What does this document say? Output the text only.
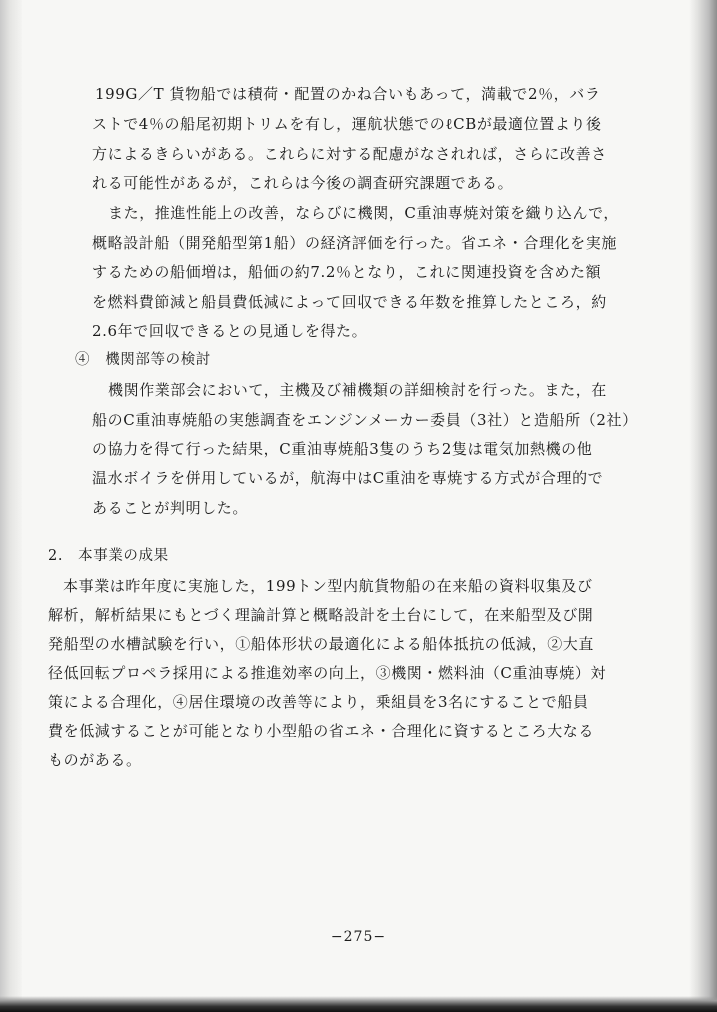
199G／T 貨物船では積荷・配置のかね合いもあって，満載で2％，バラ
ストで4％の船尾初期トリムを有し，運航状態でのℓCBが最適位置より後
方によるきらいがある。これらに対する配慮がなされれば，さらに改善さ
れる可能性があるが，これらは今後の調査研究課題である。
また，推進性能上の改善，ならびに機関，C重油専焼対策を織り込んで，
概略設計船（開発船型第1船）の経済評価を行った。省エネ・合理化を実施
するための船価増は，船価の約7.2％となり，これに関連投資を含めた額
を燃料費節減と船員費低減によって回収できる年数を推算したところ，約
2.6年で回収できるとの見通しを得た。
④　機関部等の検討
機関作業部会において，主機及び補機類の詳細検討を行った。また，在
船のC重油専焼船の実態調査をエンジンメーカー委員（3社）と造船所（2社）
の協力を得て行った結果，C重油専焼船3隻のうち2隻は電気加熱機の他
温水ボイラを併用しているが，航海中はC重油を専焼する方式が合理的で
あることが判明した。
2.　本事業の成果
本事業は昨年度に実施した，199トン型内航貨物船の在来船の資料収集及び
解析，解析結果にもとづく理論計算と概略設計を土台にして，在来船型及び開
発船型の水槽試験を行い，①船体形状の最適化による船体抵抗の低減，②大直
径低回転プロペラ採用による推進効率の向上，③機関・燃料油（C重油専焼）対
策による合理化，④居住環境の改善等により，乗組員を3名にすることで船員
費を低減することが可能となり小型船の省エネ・合理化に資するところ大なる
ものがある。
−275−
